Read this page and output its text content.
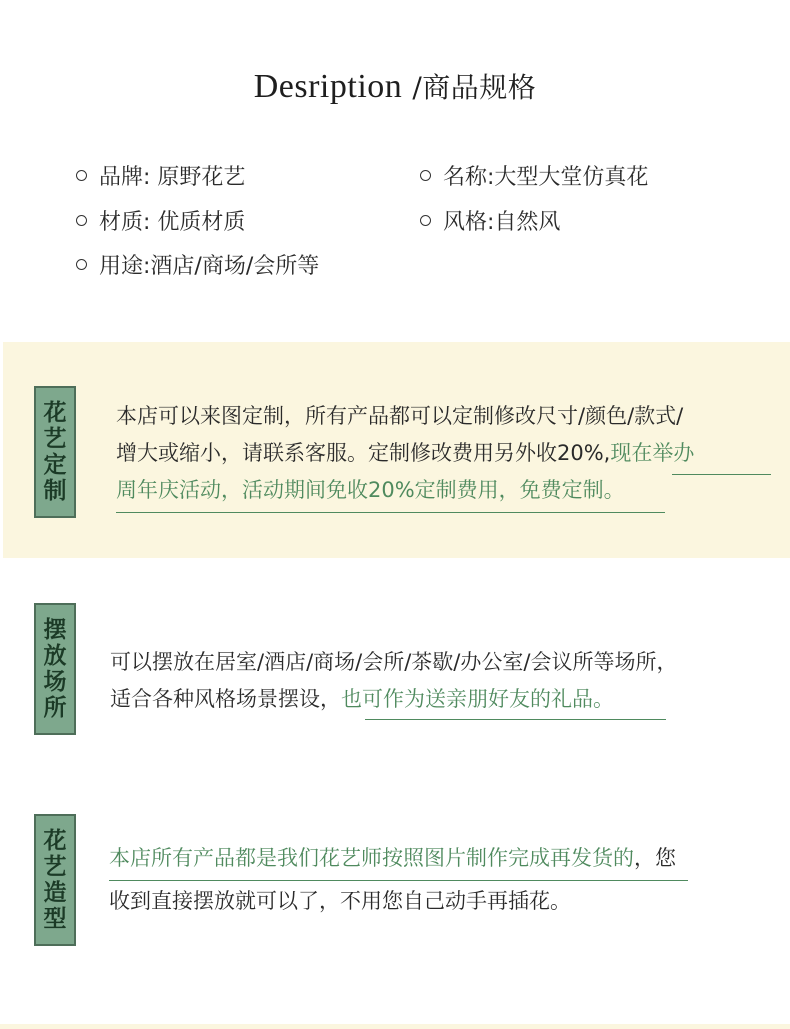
Desription /商品规格
品牌: 原野花艺	名称:大型大堂仿真花
材质: 优质材质	风格:自然风
用途:酒店/商场/会所等
花
艺
定
制
本店可以来图定制，所有产品都可以定制修改尺寸/颜色/款式/
增大或缩小，请联系客服。定制修改费用另外收20%,现在举办
周年庆活动，活动期间免收20%定制费用，免费定制。
摆
放
场
所
可以摆放在居室/酒店/商场/会所/茶歇/办公室/会议所等场所，
适合各种风格场景摆设，也可作为送亲朋好友的礼品。
花
艺
造
型
本店所有产品都是我们花艺师按照图片制作完成再发货的，您
收到直接摆放就可以了，不用您自己动手再插花。
